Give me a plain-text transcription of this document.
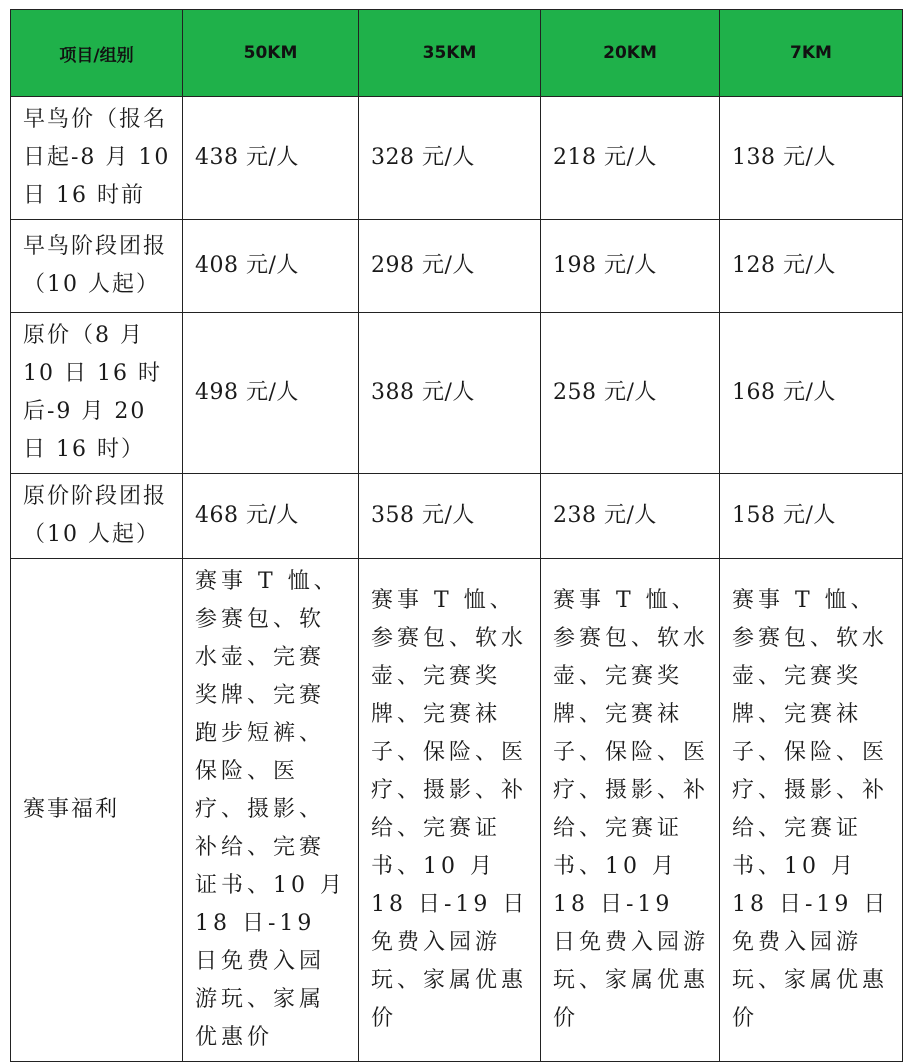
项目/组别	50KM	35KM	20KM	7KM
早鸟价（报名日起-8 月 10 日 16 时前	438 元/人	328 元/人	218 元/人	138 元/人
早鸟阶段团报（10 人起）	408 元/人	298 元/人	198 元/人	128 元/人
原价（8 月 10 日 16 时后-9 月 20 日 16 时）	498 元/人	388 元/人	258 元/人	168 元/人
原价阶段团报（10 人起）	468 元/人	358 元/人	238 元/人	158 元/人
赛事福利	赛事 T 恤、参赛包、软水壶、完赛奖牌、完赛跑步短裤、保险、医疗、摄影、补给、完赛证书、10 月 18 日-19 日免费入园游玩、家属优惠价	赛事 T 恤、参赛包、软水壶、完赛奖牌、完赛袜子、保险、医疗、摄影、补给、完赛证书、10 月 18 日-19 日免费入园游玩、家属优惠价	赛事 T 恤、参赛包、软水壶、完赛奖牌、完赛袜子、保险、医疗、摄影、补给、完赛证书、10 月 18 日-19 日免费入园游玩、家属优惠价	赛事 T 恤、参赛包、软水壶、完赛奖牌、完赛袜子、保险、医疗、摄影、补给、完赛证书、10 月 18 日-19 日免费入园游玩、家属优惠价
